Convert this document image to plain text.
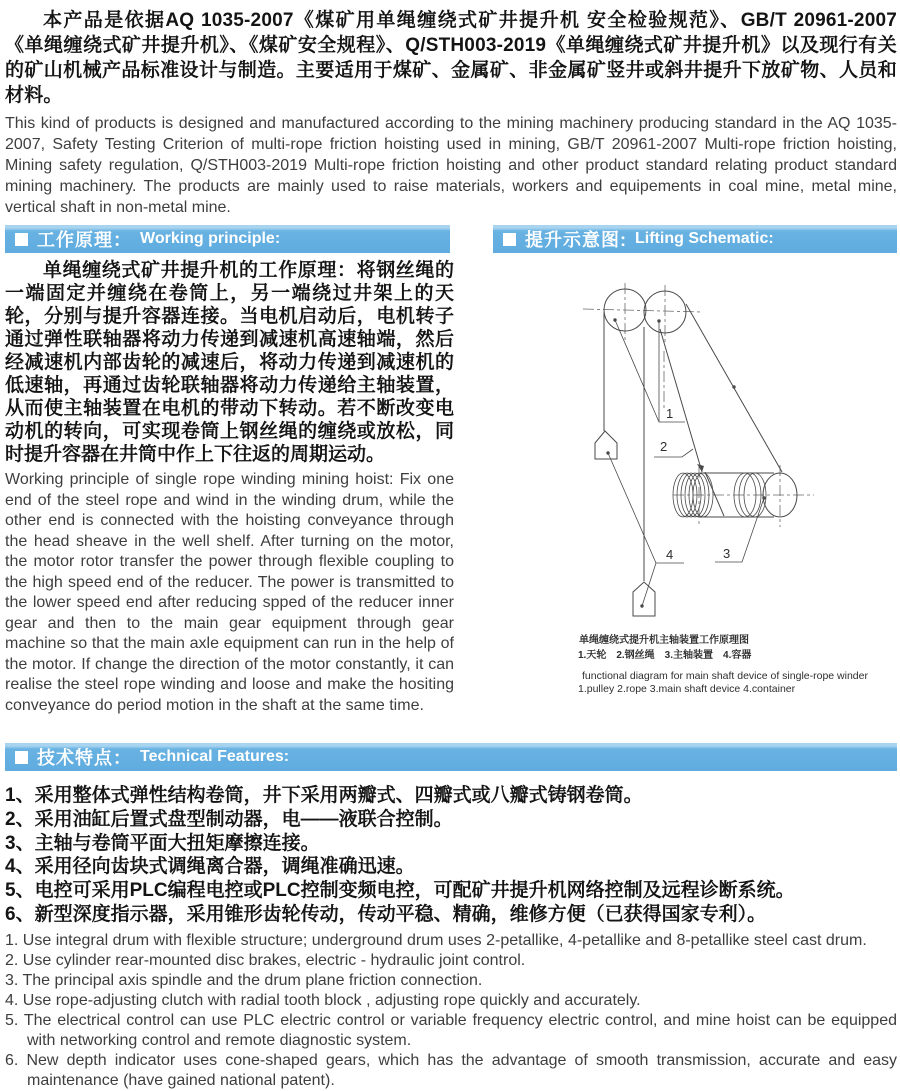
本产品是依据AQ 1035-2007《煤矿用单绳缠绕式矿井提升机 安全检验规范》、GB/T 20961-2007《单绳缠绕式矿井提升机》、《煤矿安全规程》、Q/STH003-2019《单绳缠绕式矿井提升机》以及现行有关的矿山机械产品标准设计与制造。主要适用于煤矿、金属矿、非金属矿竖井或斜井提升下放矿物、人员和材料。

This kind of products is designed and manufactured according to the mining machinery producing standard in the AQ 1035-2007, Safety Testing Criterion of multi-rope friction hoisting used in mining, GB/T 20961-2007 Multi-rope friction hoisting, Mining safety regulation, Q/STH003-2019 Multi-rope friction hoisting and other product standard relating product standard mining machinery. The products are mainly used to raise materials, workers and equipements in coal mine, metal mine, vertical shaft in non-metal mine.

工作原理： Working principle:	提升示意图: Lifting Schematic:

单绳缠绕式矿井提升机的工作原理：将钢丝绳的一端固定并缠绕在卷筒上，另一端绕过井架上的天轮，分别与提升容器连接。当电机启动后，电机转子通过弹性联轴器将动力传递到减速机高速轴端，然后经减速机内部齿轮的减速后，将动力传递到减速机的低速轴，再通过齿轮联轴器将动力传递给主轴装置，从而使主轴装置在电机的带动下转动。若不断改变电动机的转向，可实现卷筒上钢丝绳的缠绕或放松，同时提升容器在井筒中作上下往返的周期运动。

Working principle of single rope winding mining hoist: Fix one end of the steel rope and wind in the winding drum, while the other end is connected with the hoisting conveyance through the head sheave in the well shelf. After turning on the motor, the motor rotor transfer the power through flexible coupling to the high speed end of the reducer. The power is transmitted to the lower speed end after reducing spped of the reducer inner gear and then to the main gear equipment through gear machine so that the main axle equipment can run in the help of the motor. If change the direction of the motor constantly, it can realise the steel rope winding and loose and make the hositing conveyance do period motion in the shaft at the same time.

1
2
3
4
单绳缠绕式提升机主轴装置工作原理图
1.天轮　2.钢丝绳　3.主轴装置　4.容器
functional diagram for main shaft device of single-rope winder
1.pulley 2.rope 3.main shaft device 4.container
技术特点： Technical Features:
1、采用整体式弹性结构卷筒，井下采用两瓣式、四瓣式或八瓣式铸钢卷筒。
2、采用油缸后置式盘型制动器，电——液联合控制。
3、主轴与卷筒平面大扭矩摩擦连接。
4、采用径向齿块式调绳离合器，调绳准确迅速。
5、电控可采用PLC编程电控或PLC控制变频电控，可配矿井提升机网络控制及远程诊断系统。
6、新型深度指示器，采用锥形齿轮传动，传动平稳、精确，维修方便（已获得国家专利）。
1. Use integral drum with flexible structure; underground drum uses 2-petallike, 4-petallike and 8-petallike steel cast drum.
2. Use cylinder rear-mounted disc brakes, electric - hydraulic joint control.
3. The principal axis spindle and the drum plane friction connection.
4. Use rope-adjusting clutch with radial tooth block , adjusting rope quickly and accurately.
5. The electrical control can use PLC electric control or variable frequency electric control, and mine hoist can be equipped with networking control and remote diagnostic system.
6. New depth indicator uses cone-shaped gears, which has the advantage of smooth transmission, accurate and easy maintenance (have gained national patent).
